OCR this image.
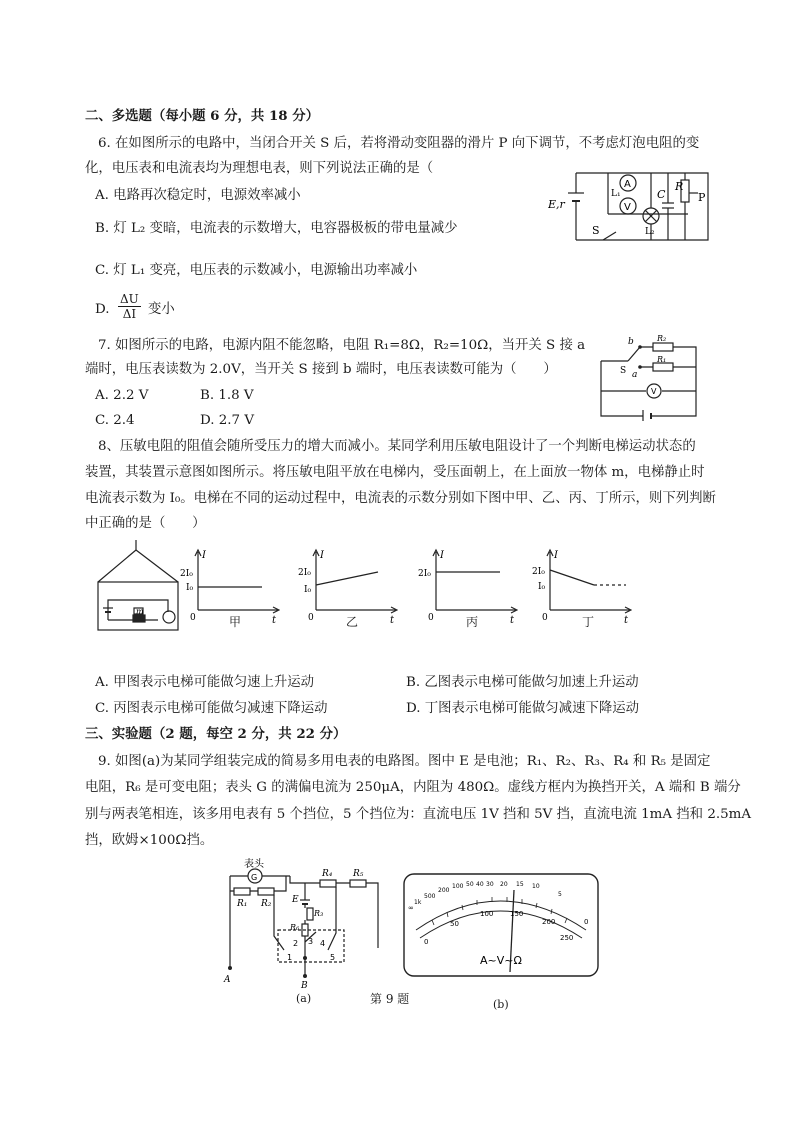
二、多选题（每小题 6 分，共 18 分）
6. 在如图所示的电路中，当闭合开关 S 后，若将滑动变阻器的滑片 P 向下调节，不考虑灯泡电阻的变
化，电压表和电流表均为理想电表，则下列说法正确的是（
A. 电路再次稳定时，电源效率减小
B. 灯 L₂ 变暗，电流表的示数增大，电容器极板的带电量减少
C. 灯 L₁ 变亮，电压表的示数减小，电源输出功率减小
D. $\frac{\Delta U}{\Delta I}$ 变小
E,r
S
A
V
L₁
L₂
C
R
P
7. 如图所示的电路，电源内阻不能忽略，电阻 R₁=8Ω，R₂=10Ω，当开关 S 接 a
端时，电压表读数为 2.0V，当开关 S 接到 b 端时，电压表读数可能为（　　）
A. 2.2 V	B. 1.8 V
C. 2.4	D. 2.7 V
b
a
S
R₂
R₁
V
8、压敏电阻的阻值会随所受压力的增大而减小。某同学利用压敏电阻设计了一个判断电梯运动状态的
装置，其装置示意图如图所示。将压敏电阻平放在电梯内，受压面朝上，在上面放一物体 m，电梯静止时
电流表示数为 I₀。电梯在不同的运动过程中，电流表的示数分别如下图中甲、乙、丙、丁所示，则下列判断
中正确的是（　　）
m
I
t
2I₀
I₀
0	甲
I
t
2I₀
I₀
0	乙
I
t
2I₀
0	丙
I
t
2I₀
I₀
0	丁
A. 甲图表示电梯可能做匀速上升运动	B. 乙图表示电梯可能做匀加速上升运动
C. 丙图表示电梯可能做匀减速下降运动	D. 丁图表示电梯可能做匀减速下降运动
三、实验题（2 题，每空 2 分，共 22 分）
9. 如图(a)为某同学组装完成的简易多用电表的电路图。图中 E 是电池；R₁、R₂、R₃、R₄ 和 R₅ 是固定
电阻，R₆ 是可变电阻；表头 G 的满偏电流为 250μA，内阻为 480Ω。虚线方框内为换挡开关，A 端和 B 端分
别与两表笔相连，该多用电表有 5 个挡位，5 个挡位为：直流电压 1V 挡和 5V 挡，直流电流 1mA 挡和 2.5mA
挡，欧姆×100Ω挡。
表头
G
R₁ R₂
R₄ R₅
E
R₃
R₆
1
2 3 4
5
A
B
(a)	第 9 题
∞
1k
500
200
100 50 40 30 20 15 10
5
0
0
50
100 150
200
250
A~V~Ω
(b)
